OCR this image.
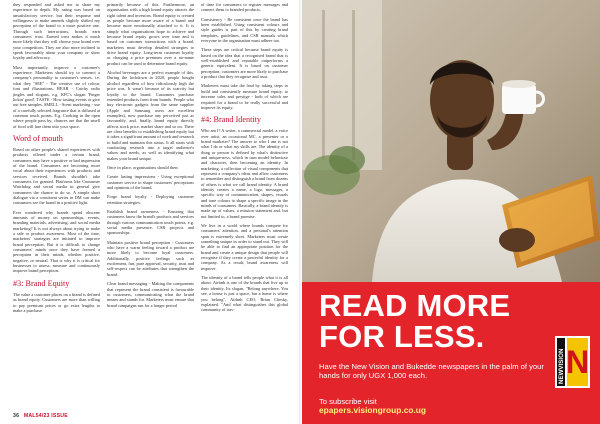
they responded and asked me to share my experience in depth. My rating was based on unsatisfactory service, but their response and willingness to make amends slightly shifted my perception of the brand to a more positive one. Through such interactions, brands earn consumers' trust. Earned trust makes it much more likely that they will choose your brand over your competitors. They are also more inclined to speak favourably about your company or show loyalty and advocacy.

Most importantly, improve a customer's experience. Marketers should try to connect a company's personality to customer's senses, i.e. what they "SEE" - The creative use of colour, font and illustrations. HEAR - Catchy radio jingles and slogans, e.g. KFC's slogan 'Finger lickin' good'. TASTE - How tasting events or give out free samples. SMELL - Scent marketing - use of a carefully selected fragrance that is diffused at common touch points. E.g. Cooking in the open where people pass by, chances are that the smell of food will lure them into your space.

Word of mouth

Based on other people's shared experiences with products offered under a certain brand, consumers may have a positive or bad impression of the brand. Consumers are becoming more vocal about their experiences with products and services received. Brands shouldn't take consumers for granted. Platforms like Consumer Watchdog and social media in general give consumers the chance to do so. A simple short dialogue via a consistent series in DM can make consumers see the brand in a positive light.

Ever wondered why brands spend obscene amounts of money on sponsorships, events, branding materials, advertising, and social media marketing? It is not always about trying to make a sale or product awareness. Most of the time, marketers' strategies are initiated to improve brand perception. But it is difficult to change consumers' minds once they have formed a perception in their minds, whether positive, negative, or neutral. That is why it is critical for businesses to assess, measure and continuously improve brand perception.

#3: Brand Equity

The value a customer places on a brand is defined as brand equity. Customers are more than willing to pay premium prices or go extra lengths to make a purchase

primarily because of this. Furthermore, an organisation with a high brand equity attracts the right talent and investors. Brand equity is created as people become more aware of a brand and become more emotionally attached to it. It is simply what organisations hope to achieve and because brand equity grows over time and is based on customer interactions with a brand, marketers must develop detailed strategies to drive brand equity. Long-term customer loyalty or charging a price premium over a no-name product can be used to determine brand equity.

Alcohol beverages are a perfect example of this. During the lockdown in 2020, people bought alcohol regardless of how ridiculously high the price was. It wasn't because of its scarcity but loyalty to the brand. Customers purchase extended products from from brands. People who buy electronic gadgets from the same supplier (Apple and Samsung users are excellent examples), now purchase any perceived just as favourably, and, finally, brand equity directly affects stock price, market share and so on. There are clear benefits to establishing brand equity but it takes a significant amount of work and research to build and maintain this status. It all starts with conducting research into a target audience's values and needs, as well as identifying what makes your brand unique.

Once in place, organisations should then:

Create lasting impressions - Using exceptional customer service to shape customers' perceptions and opinions of the brand.

Forge brand loyalty - Deploying customer retention strategies.

Establish brand awareness - Ensuring that customers know the brand's products and services through various communication touch points, e.g. social media presence, CSR projects and sponsorships.

Maintain positive brand perception - Customers who have a warm feeling toward a product are more likely to become loyal customers. Additionally, positive feelings such as excitement, fun, pure approval, security, trust and self-respect can be attributes that strengthen the brand.

Clear brand messaging - Making the components that represent the brand consistent is favourable to customers, communicating what the brand means and stands for. Marketers must ensure that brand campaigns run for a longer period

of time for consumers to register messages and connect them to branded products.

Consistency - Be consistent once the brand has been established. Using consistent colours and style guides is part of this by creating brand templates, guidelines, and CSR manuals which everyone in the organisation must adhere too.

These steps are critical because brand equity is based on the idea that a recognised brand that is well-established and reputable outperforms a generic equivalent. It is based on customer perception; customers are more likely to purchase a product that they recognise and trust.

Marketers must take the lead by taking steps to build and consistently measure brand equity, to increase sales and prestige - both of which are required for a brand to be really successful and improve its equity.

#4: Brand Identity

Who am I? A writer, a commercial model, a voice over artist, an occasional MC, a presenter or a brand marketer? The answer to who I am is not what I do or what my skills are. The identity of a thing or person is defined by what's distinctive and unique-ness, which in turn model behaviour and character, then becoming an identity. In marketing, a collection of visual components that represent a company's ideas and allow customers to remember and distinguish a brand from dozens of others is what we call brand identity. A brand identity creates a name, a logo, messages, a specific way of communication, shapes, visuals and tone colours to shape a specific image in the minds of consumers. Basically, a brand identity is made up of values, a mission statement and, but not limited to, a brand promise.

We live in a world where brands compete for consumers' attention, and a personal's attention span is extremely short. Marketers must create something unique in order to stand out. They will be able to find an appropriate position for the brand and create a unique design that people will recognise if they create a powerful identity for a company. As a result, brand awareness will improve.

The identity of a brand tells people what it is all about. Airbnb is one of the brands that live up to their identity. Its slogan, "Belong anywhere. You see, a house is just a space, but a home is where you belong", Airbnb CEO, Brian Chesky, explained. "And what distinguishes this global community of trav-

36 MAL54/23 ISSUE
READ MORE
FOR LESS.
Have the New Vision and Bukedde newspapers in the palm of your hands for only UGX 1,000 each.
To subscribe visit
epapers.visiongroup.co.ug
N
NEWVISION
